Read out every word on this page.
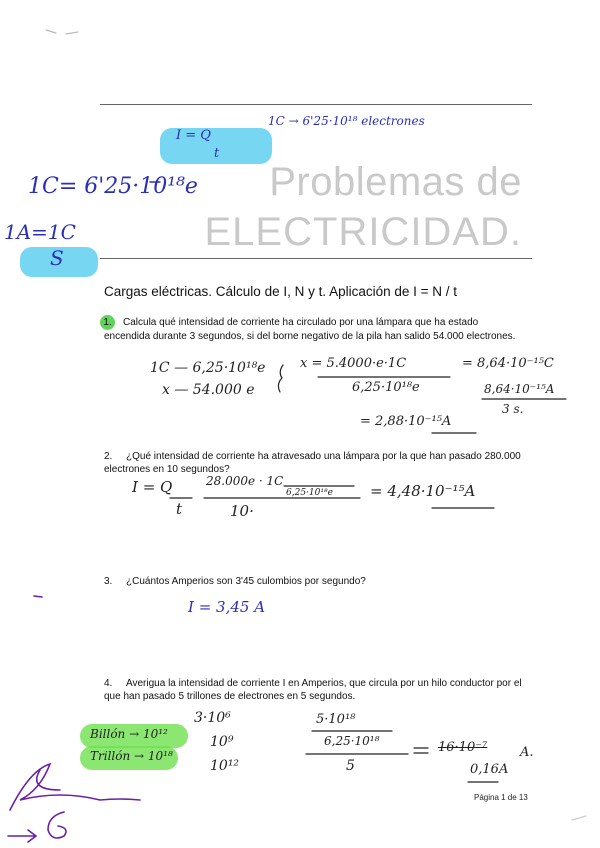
Problemas de
ELECTRICIDAD.
Cargas eléctricas. Cálculo de I, N y t. Aplicación de I = N / t
1. Calcula qué intensidad de corriente ha circulado por una lámpara que ha estado encendida durante 3 segundos, si del borne negativo de la pila han salido 54.000 electrones.
2. ¿Qué intensidad de corriente ha atravesado una lámpara por la que han pasado 280.000 electrones en 10 segundos?
3. ¿Cuántos Amperios son 3'45 culombios por segundo?
4. Averigua la intensidad de corriente I en Amperios, que circula por un hilo conductor por el que han pasado 5 trillones de electrones en 5 segundos.
Página 1 de 13
1C → 6'25·10¹⁸ electrones
I = Q
t
1C= 6'25·10¹⁸e
1A=1C
S
1C — 6,25·10¹⁸e
x — 54.000 e
x = 5.4000·e·1C
6,25·10¹⁸e
= 8,64·10⁻¹⁵C
8,64·10⁻¹⁵A
3 s.
= 2,88·10⁻¹⁵A
I = Q
t
28.000e · 1C
6,25·10¹⁸e
10·
= 4,48·10⁻¹⁵A
I = 3,45 A
3·10⁶
10⁹
10¹²
Billón → 10¹²
Trillón → 10¹⁸
5·10¹⁸
6,25·10¹⁸
5
16·10⁻⁷
0,16A
A.
